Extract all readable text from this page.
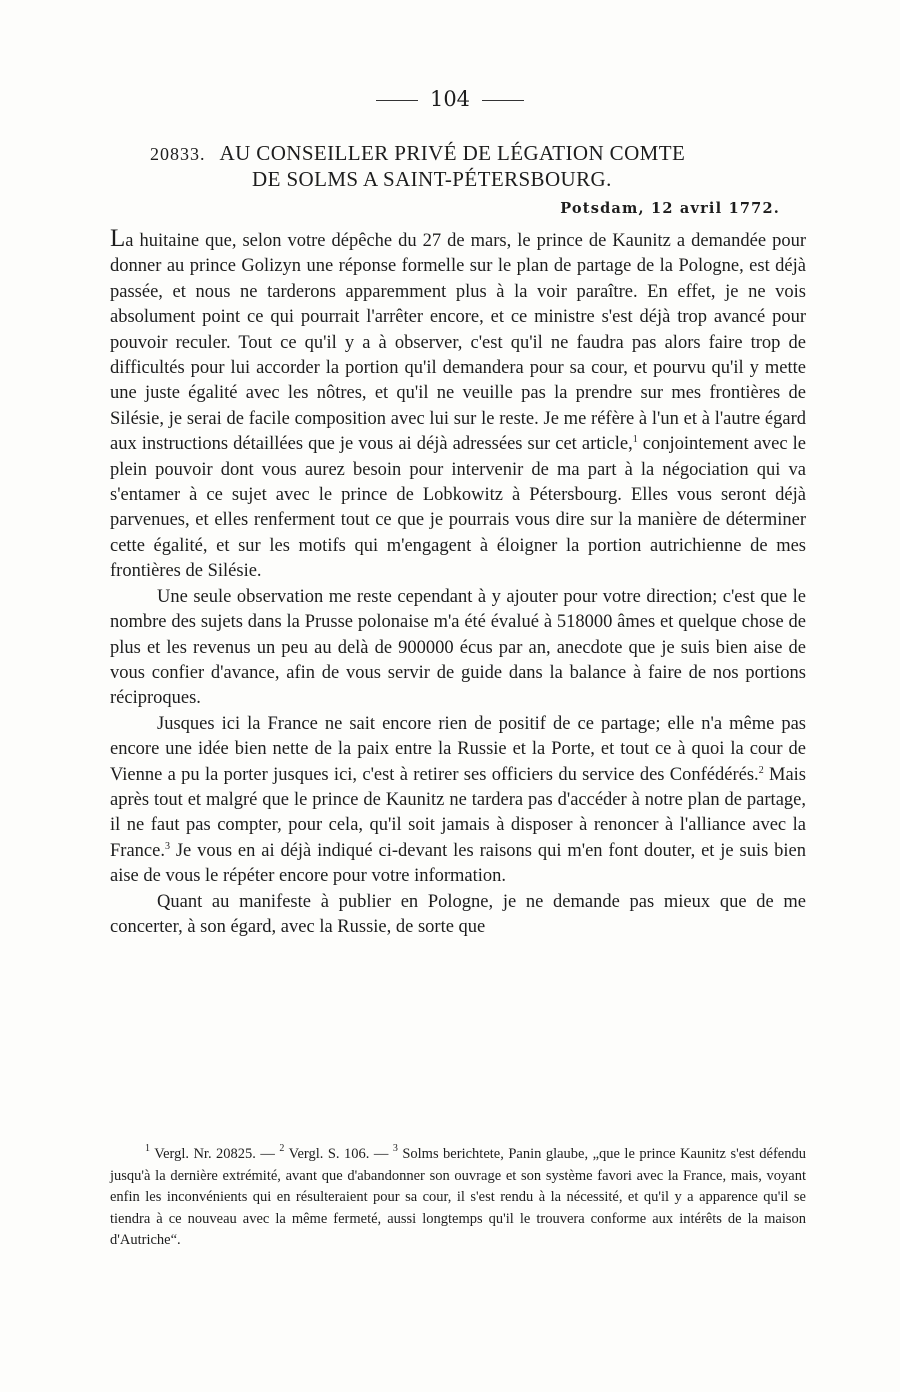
104
20833. AU CONSEILLER PRIVÉ DE LÉGATION COMTE
DE SOLMS A SAINT-PÉTERSBOURG.
Potsdam, 12 avril 1772.

La huitaine que, selon votre dépêche du 27 de mars, le prince de Kaunitz a demandée pour donner au prince Golizyn une réponse formelle sur le plan de partage de la Pologne, est déjà passée, et nous ne tarderons apparemment plus à la voir paraître. En effet, je ne vois absolument point ce qui pourrait l'arrêter encore, et ce ministre s'est déjà trop avancé pour pouvoir reculer. Tout ce qu'il y a à observer, c'est qu'il ne faudra pas alors faire trop de difficultés pour lui accorder la portion qu'il demandera pour sa cour, et pourvu qu'il y mette une juste égalité avec les nôtres, et qu'il ne veuille pas la prendre sur mes frontières de Silésie, je serai de facile composition avec lui sur le reste. Je me réfère à l'un et à l'autre égard aux instructions détaillées que je vous ai déjà adressées sur cet article,$^1$ conjointement avec le plein pouvoir dont vous aurez besoin pour intervenir de ma part à la négociation qui va s'entamer à ce sujet avec le prince de Lobkowitz à Pétersbourg. Elles vous seront déjà parvenues, et elles renferment tout ce que je pourrais vous dire sur la manière de déterminer cette égalité, et sur les motifs qui m'engagent à éloigner la portion autrichienne de mes frontières de Silésie.

Une seule observation me reste cependant à y ajouter pour votre direction; c'est que le nombre des sujets dans la Prusse polonaise m'a été évalué à 518000 âmes et quelque chose de plus et les revenus un peu au delà de 900000 écus par an, anecdote que je suis bien aise de vous confier d'avance, afin de vous servir de guide dans la balance à faire de nos portions réciproques.

Jusques ici la France ne sait encore rien de positif de ce partage; elle n'a même pas encore une idée bien nette de la paix entre la Russie et la Porte, et tout ce à quoi la cour de Vienne a pu la porter jusques ici, c'est à retirer ses officiers du service des Confédérés.$^2$ Mais après tout et malgré que le prince de Kaunitz ne tardera pas d'accéder à notre plan de partage, il ne faut pas compter, pour cela, qu'il soit jamais à disposer à renoncer à l'alliance avec la France.$^3$ Je vous en ai déjà indiqué ci-devant les raisons qui m'en font douter, et je suis bien aise de vous le répéter encore pour votre information.

Quant au manifeste à publier en Pologne, je ne demande pas mieux que de me concerter, à son égard, avec la Russie, de sorte que

$^1$ Vergl. Nr. 20825. — $^2$ Vergl. S. 106. — $^3$ Solms berichtete, Panin glaube, „que le prince Kaunitz s'est défendu jusqu'à la dernière extrémité, avant que d'abandonner son ouvrage et son système favori avec la France, mais, voyant enfin les inconvénients qui en résulteraient pour sa cour, il s'est rendu à la nécessité, et qu'il y a apparence qu'il se tiendra à ce nouveau avec la même fermeté, aussi longtemps qu'il le trouvera conforme aux intérêts de la maison d'Autriche“.
